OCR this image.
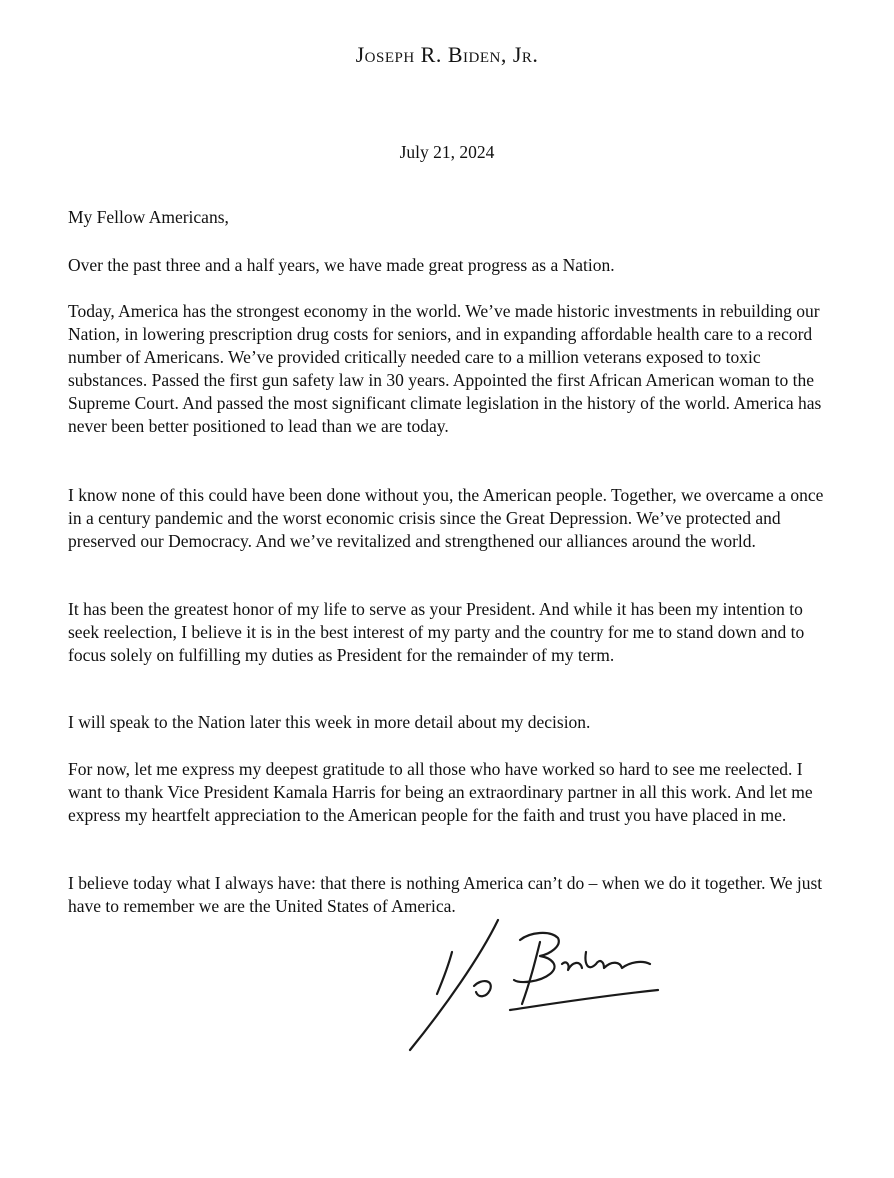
Joseph R. Biden, Jr.
July 21, 2024
My Fellow Americans,

Over the past three and a half years, we have made great progress as a Nation.

Today, America has the strongest economy in the world. We’ve made historic investments in rebuilding our Nation, in lowering prescription drug costs for seniors, and in expanding affordable health care to a record number of Americans. We’ve provided critically needed care to a million veterans exposed to toxic substances. Passed the first gun safety law in 30 years. Appointed the first African American woman to the Supreme Court. And passed the most significant climate legislation in the history of the world. America has never been better positioned to lead than we are today.

I know none of this could have been done without you, the American people. Together, we overcame a once in a century pandemic and the worst economic crisis since the Great Depression. We’ve protected and preserved our Democracy. And we’ve revitalized and strengthened our alliances around the world.

It has been the greatest honor of my life to serve as your President. And while it has been my intention to seek reelection, I believe it is in the best interest of my party and the country for me to stand down and to focus solely on fulfilling my duties as President for the remainder of my term.

I will speak to the Nation later this week in more detail about my decision.

For now, let me express my deepest gratitude to all those who have worked so hard to see me reelected. I want to thank Vice President Kamala Harris for being an extraordinary partner in all this work. And let me express my heartfelt appreciation to the American people for the faith and trust you have placed in me.

I believe today what I always have: that there is nothing America can’t do – when we do it together. We just have to remember we are the United States of America.
